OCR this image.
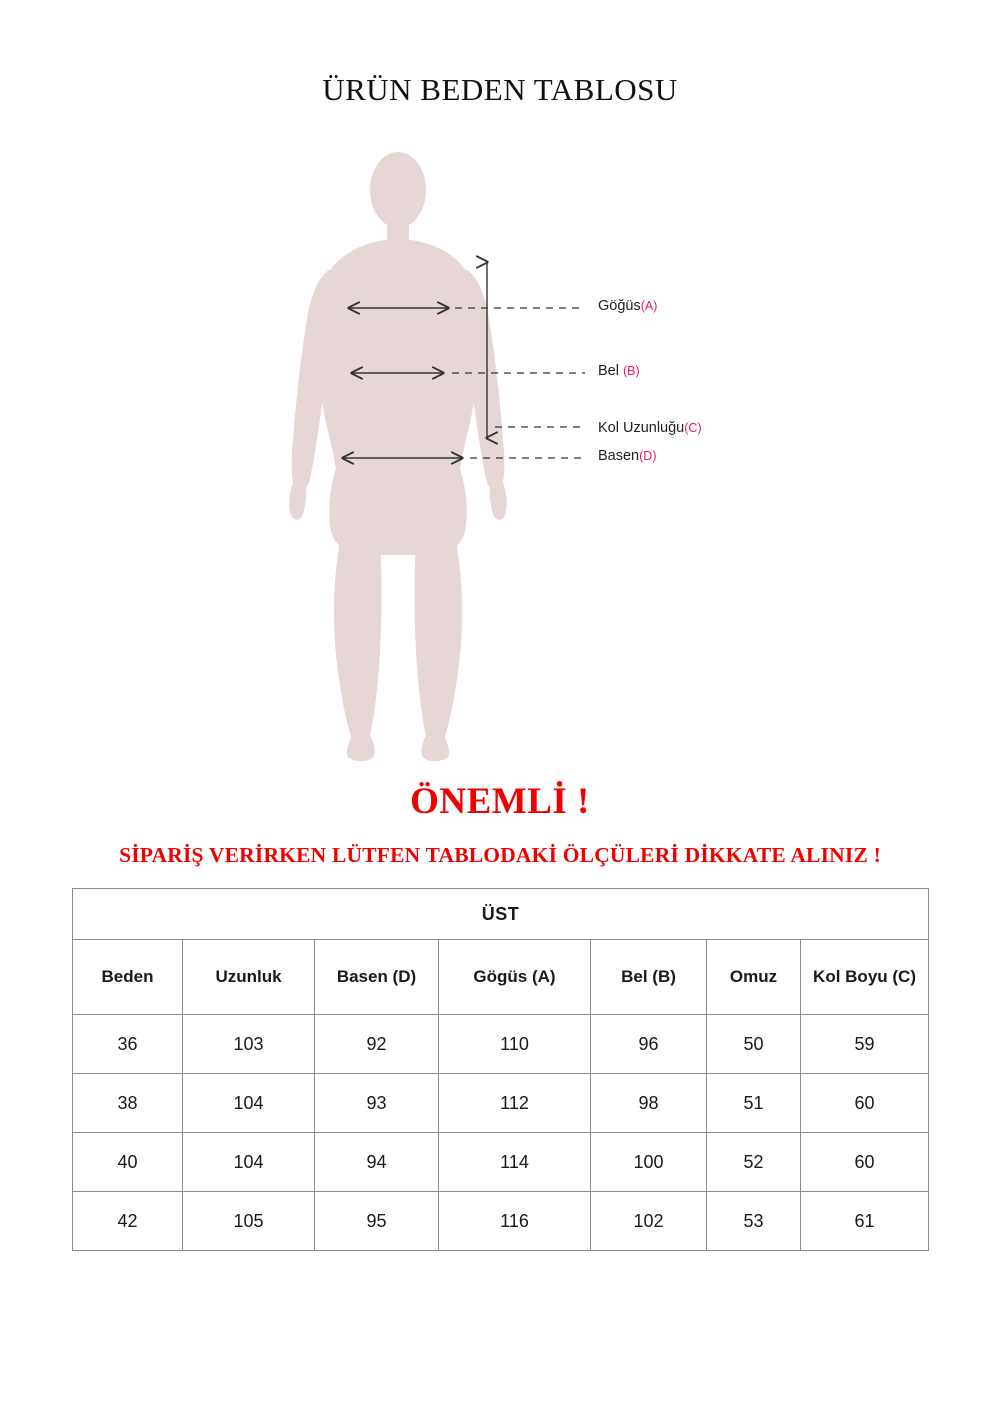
ÜRÜN BEDEN TABLOSU
Göğüs(A)
Bel (B)
Kol Uzunluğu(C)
Basen(D)
ÖNEMLİ !
SİPARİŞ VERİRKEN LÜTFEN TABLODAKİ ÖLÇÜLERİ DİKKATE ALINIZ !
ÜST						
Beden	Uzunluk	Basen (D)	Gögüs (A)	Bel (B)	Omuz	Kol Boyu (C)
36	103	92	110	96	50	59
38	104	93	112	98	51	60
40	104	94	114	100	52	60
42	105	95	116	102	53	61
